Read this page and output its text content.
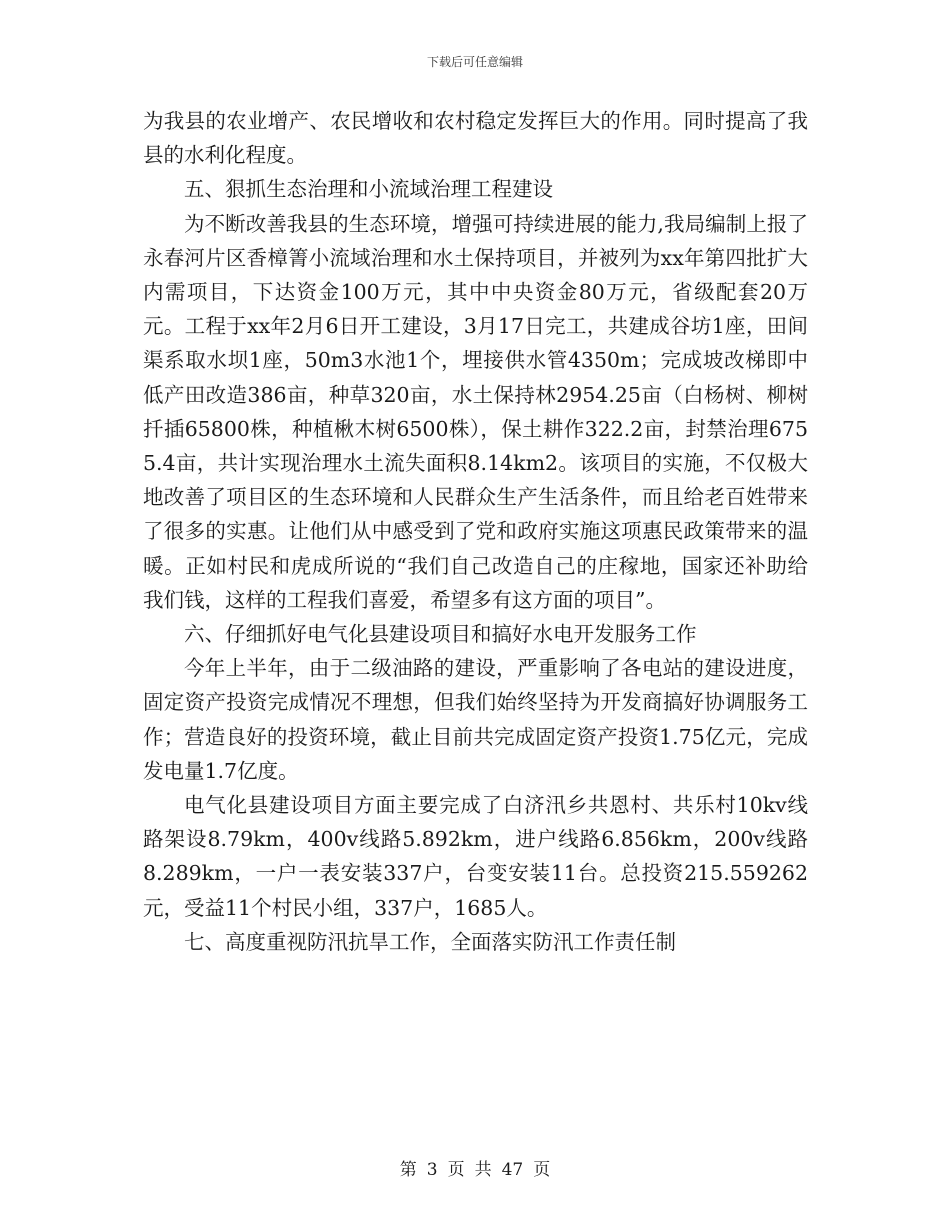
下载后可任意编辑

为我县的农业增产、农民增收和农村稳定发挥巨大的作用。同时提高了我县的水利化程度。

五、狠抓生态治理和小流域治理工程建设

为不断改善我县的生态环境，增强可持续进展的能力,我局编制上报了永春河片区香樟箐小流域治理和水土保持项目，并被列为xx年第四批扩大内需项目，下达资金100万元，其中中央资金80万元，省级配套20万元。工程于xx年2月6日开工建设，3月17日完工，共建成谷坊1座，田间渠系取水坝1座，50m3水池1个，埋接供水管4350m；完成坡改梯即中低产田改造386亩，种草320亩，水土保持林2954.25亩（白杨树、柳树扦插65800株，种植楸木树6500株），保土耕作322.2亩，封禁治理6755.4亩，共计实现治理水土流失面积8.14km2。该项目的实施，不仅极大地改善了项目区的生态环境和人民群众生产生活条件，而且给老百姓带来了很多的实惠。让他们从中感受到了党和政府实施这项惠民政策带来的温暖。正如村民和虎成所说的“我们自己改造自己的庄稼地，国家还补助给我们钱，这样的工程我们喜爱，希望多有这方面的项目”。

六、仔细抓好电气化县建设项目和搞好水电开发服务工作

今年上半年，由于二级油路的建设，严重影响了各电站的建设进度，固定资产投资完成情况不理想，但我们始终坚持为开发商搞好协调服务工作；营造良好的投资环境，截止目前共完成固定资产投资1.75亿元，完成发电量1.7亿度。

电气化县建设项目方面主要完成了白济汛乡共恩村、共乐村10kv线路架设8.79km，400v线路5.892km，进户线路6.856km，200v线路8.289km，一户一表安装337户，台变安装11台。总投资215.559262元，受益11个村民小组，337户，1685人。

七、高度重视防汛抗旱工作，全面落实防汛工作责任制

第 3 页 共 47 页
